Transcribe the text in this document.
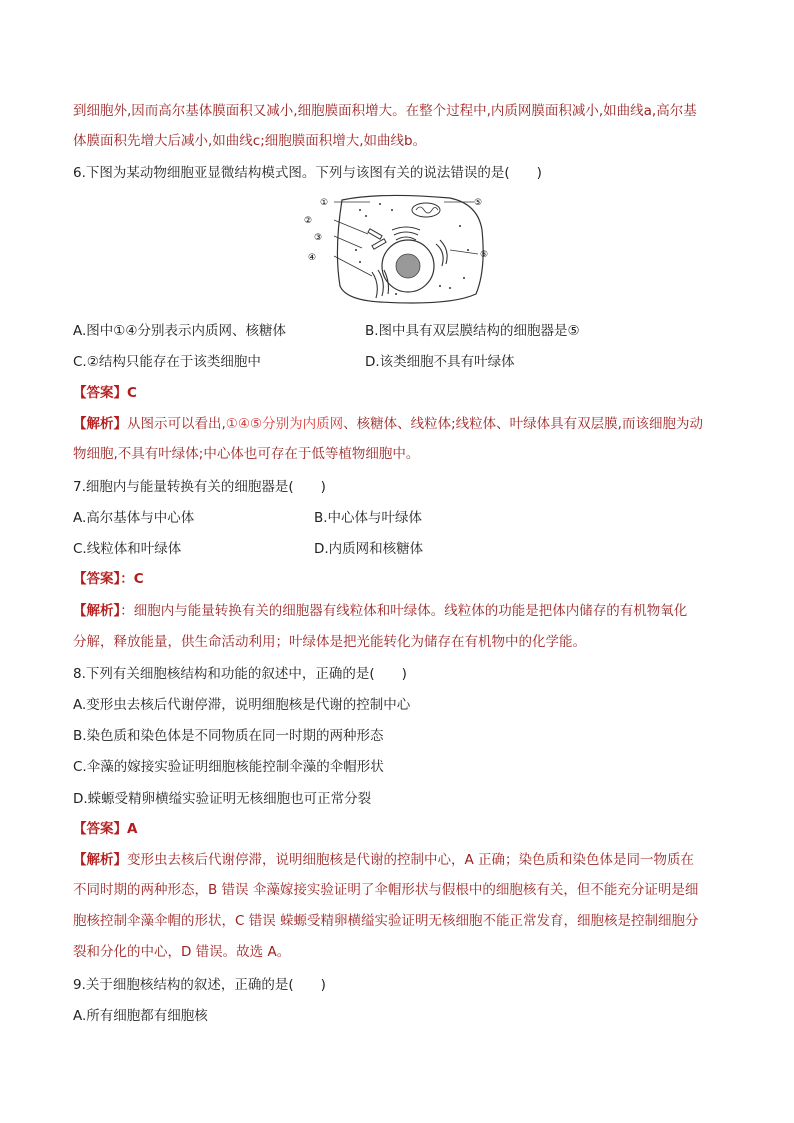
到细胞外,因而高尔基体膜面积又减小,细胞膜面积增大。在整个过程中,内质网膜面积减小,如曲线a,高尔基
体膜面积先增大后减小,如曲线c;细胞膜面积增大,如曲线b。
6.下图为某动物细胞亚显微结构模式图。下列与该图有关的说法错误的是(　　)
①
②
③
④
⑤
⑥
A.图中①④分别表示内质网、核糖体	B.图中具有双层膜结构的细胞器是⑤
C.②结构只能存在于该类细胞中	D.该类细胞不具有叶绿体
【答案】C
【解析】从图示可以看出,①④⑤分别为内质网、核糖体、线粒体;线粒体、叶绿体具有双层膜,而该细胞为动
物细胞,不具有叶绿体;中心体也可存在于低等植物细胞中。
7.细胞内与能量转换有关的细胞器是(　　)
A.高尔基体与中心体	B.中心体与叶绿体
C.线粒体和叶绿体	D.内质网和核糖体
【答案】：C
【解析】：细胞内与能量转换有关的细胞器有线粒体和叶绿体。线粒体的功能是把体内储存的有机物氧化
分解，释放能量，供生命活动利用；叶绿体是把光能转化为储存在有机物中的化学能。
8.下列有关细胞核结构和功能的叙述中，正确的是(　　)
A.变形虫去核后代谢停滞，说明细胞核是代谢的控制中心
B.染色质和染色体是不同物质在同一时期的两种形态
C.伞藻的嫁接实验证明细胞核能控制伞藻的伞帽形状
D.蝾螈受精卵横缢实验证明无核细胞也可正常分裂
【答案】A
【解析】变形虫去核后代谢停滞，说明细胞核是代谢的控制中心，A 正确；染色质和染色体是同一物质在
不同时期的两种形态，B 错误 伞藻嫁接实验证明了伞帽形状与假根中的细胞核有关，但不能充分证明是细
胞核控制伞藻伞帽的形状，C 错误 蝾螈受精卵横缢实验证明无核细胞不能正常发育，细胞核是控制细胞分
裂和分化的中心，D 错误。故选 A。
9.关于细胞核结构的叙述，正确的是(　　)
A.所有细胞都有细胞核
